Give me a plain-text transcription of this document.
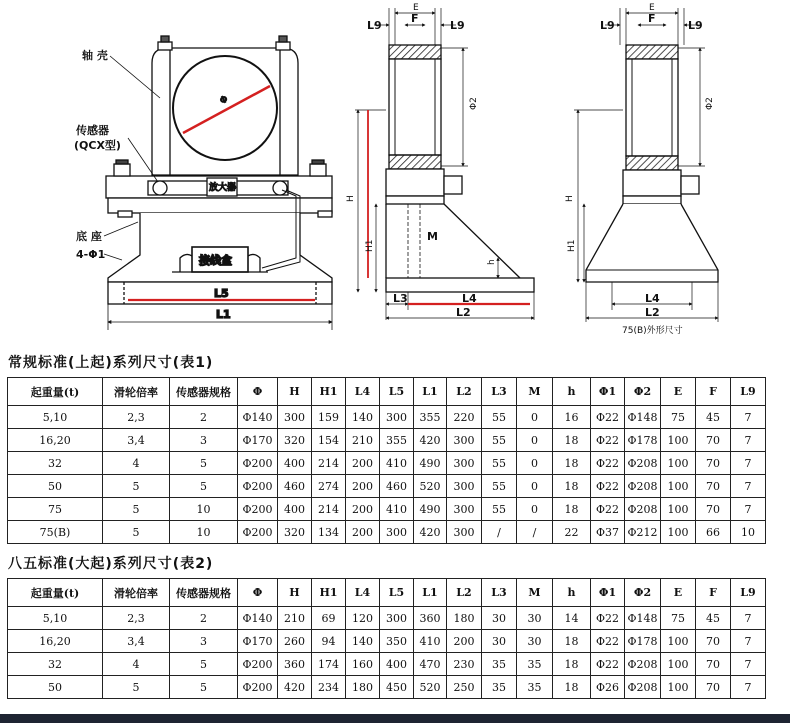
Φ
放大器
接线盒
L5
L1
轴 壳
传感器
(QCX型)
底 座
4-Φ1
E
L9
F
L9
Φ2
H
H1
M
h
L3	L4
L2
E
L9
F
L9
Φ2
H
H1
L4
L2
75(B)外形尺寸
常规标准(上起)系列尺寸(表1)
起重量(t)	滑轮倍率	传感器规格	Φ	H	H1	L4	L5	L1	L2	L3	M	h	Φ1	Φ2	E	F	L9
5,10	2,3	2	Φ140	300	159	140	300	355	220	55	0	16	Φ22	Φ148	75	45	7
16,20	3,4	3	Φ170	320	154	210	355	420	300	55	0	18	Φ22	Φ178	100	70	7
32	4	5	Φ200	400	214	200	410	490	300	55	0	18	Φ22	Φ208	100	70	7
50	5	5	Φ200	460	274	200	460	520	300	55	0	18	Φ22	Φ208	100	70	7
75	5	10	Φ200	400	214	200	410	490	300	55	0	18	Φ22	Φ208	100	70	7
75(B)	5	10	Φ200	320	134	200	300	420	300	/	/	22	Φ37	Φ212	100	66	10
八五标准(大起)系列尺寸(表2)
起重量(t)	滑轮倍率	传感器规格	Φ	H	H1	L4	L5	L1	L2	L3	M	h	Φ1	Φ2	E	F	L9
5,10	2,3	2	Φ140	210	69	120	300	360	180	30	30	14	Φ22	Φ148	75	45	7
16,20	3,4	3	Φ170	260	94	140	350	410	200	30	30	18	Φ22	Φ178	100	70	7
32	4	5	Φ200	360	174	160	400	470	230	35	35	18	Φ22	Φ208	100	70	7
50	5	5	Φ200	420	234	180	450	520	250	35	35	18	Φ26	Φ208	100	70	7
